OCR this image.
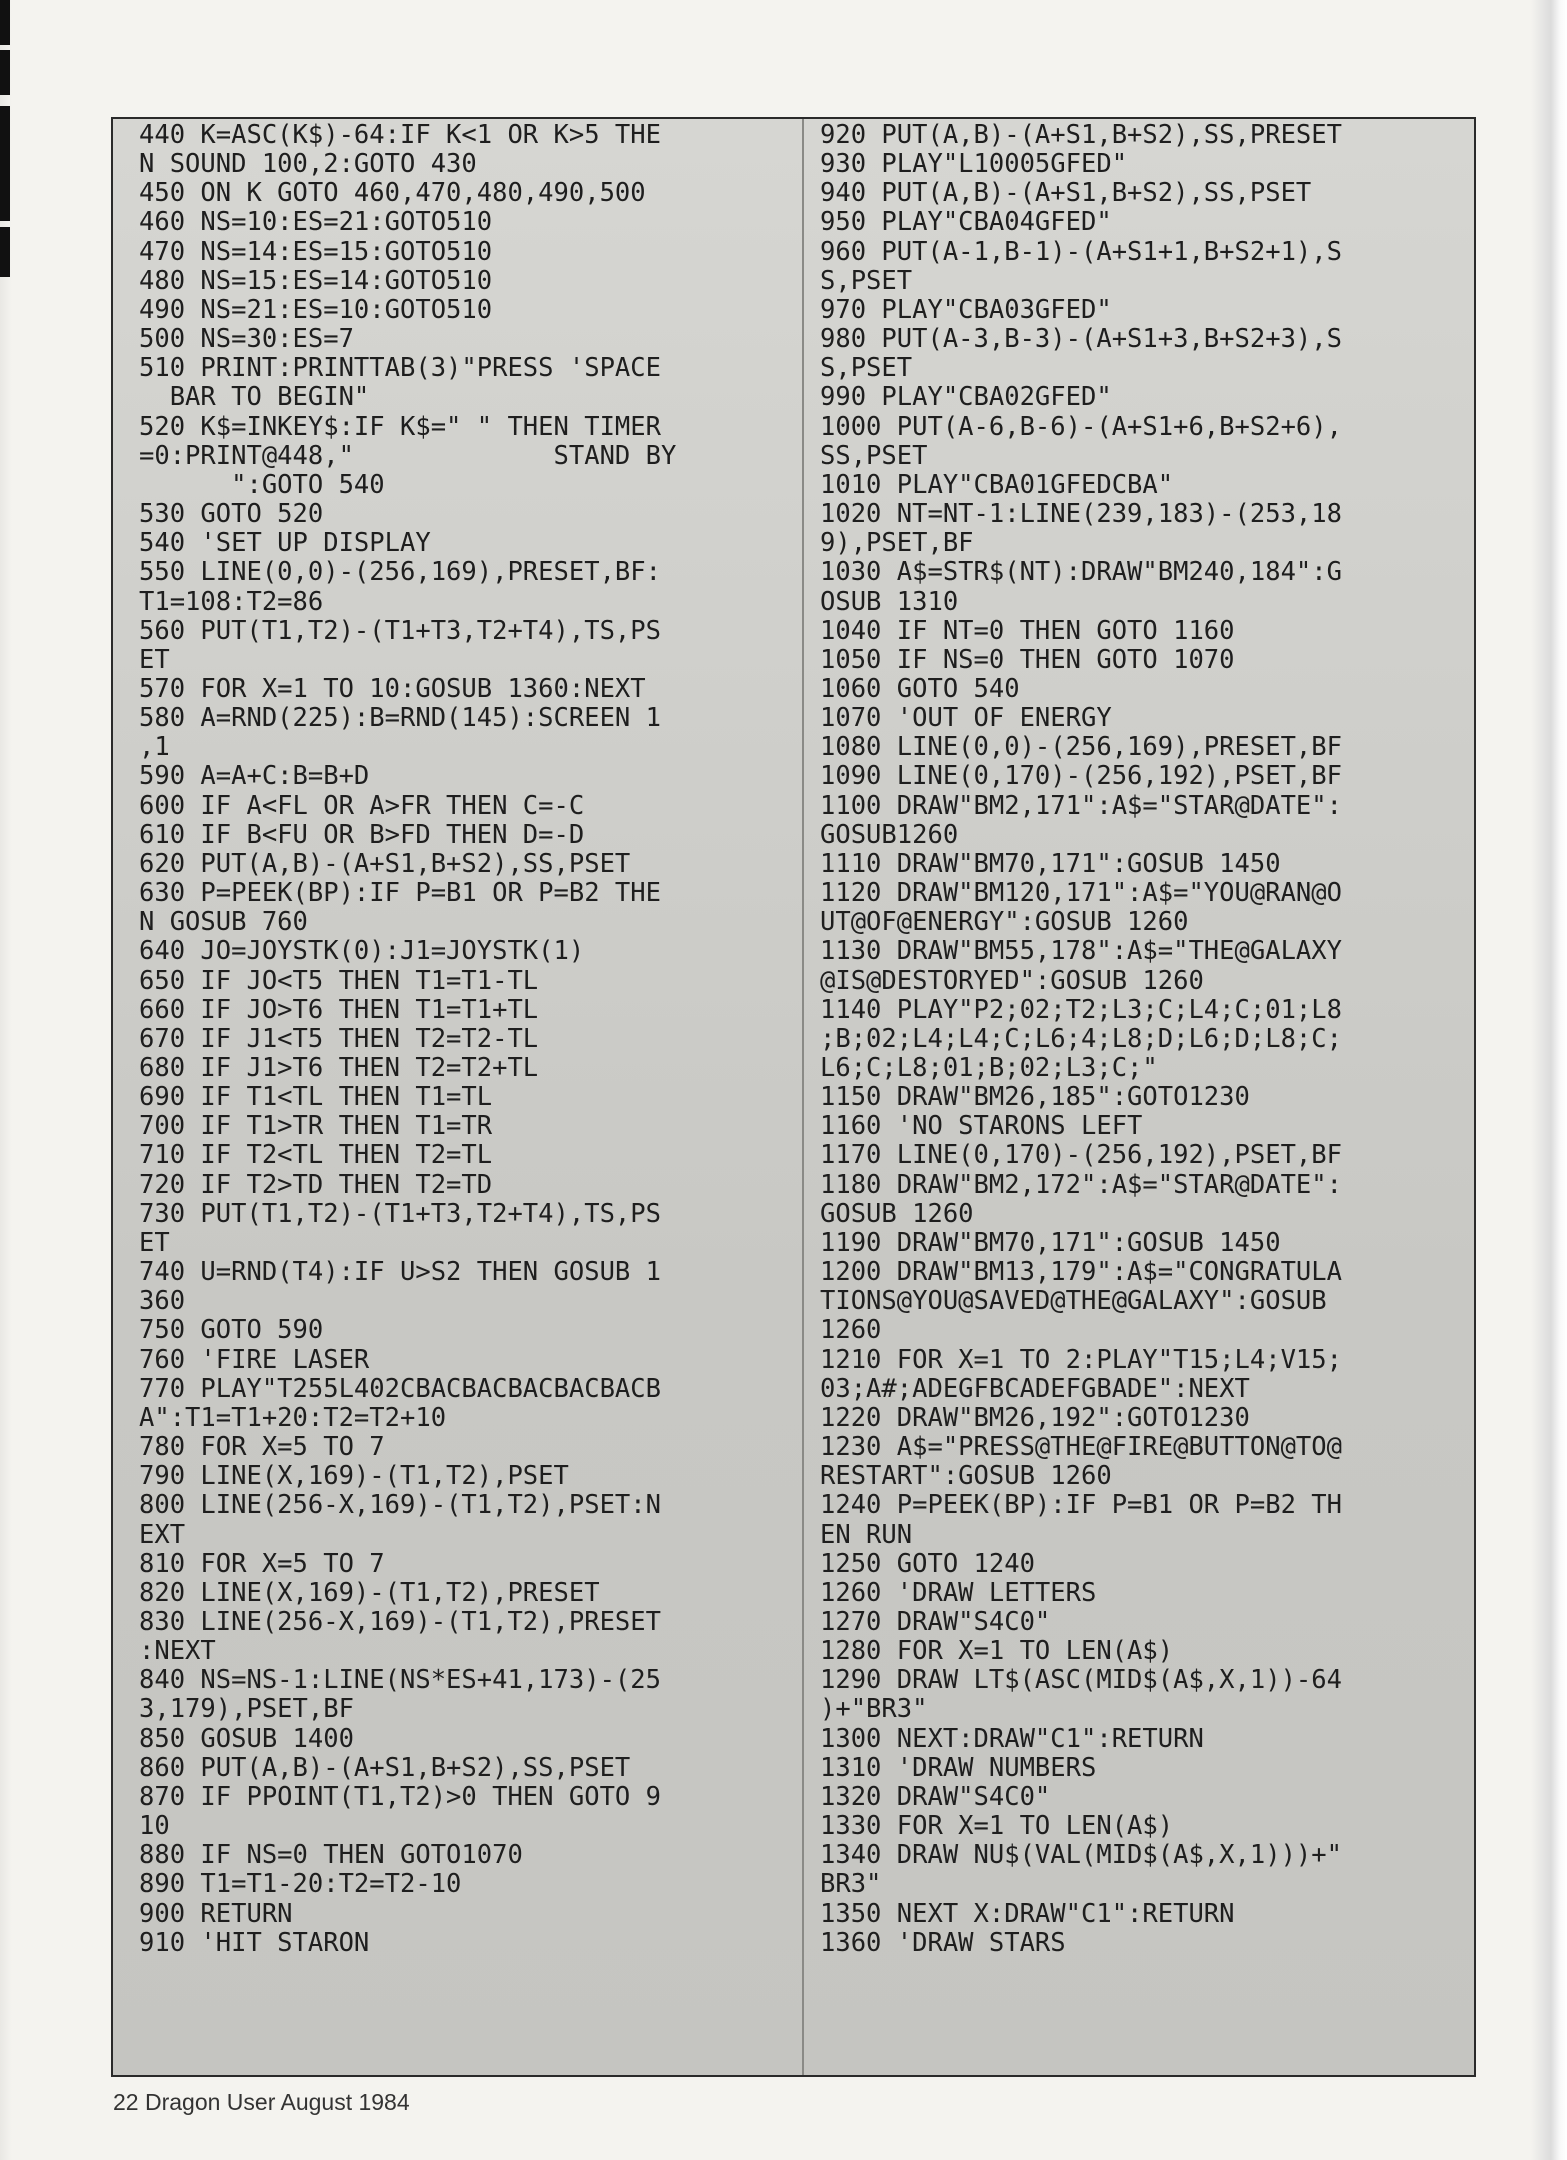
440 K=ASC(K$)-64:IF K<1 OR K>5 THE
N SOUND 100,2:GOTO 430
450 ON K GOTO 460,470,480,490,500
460 NS=10:ES=21:GOTO510
470 NS=14:ES=15:GOTO510
480 NS=15:ES=14:GOTO510
490 NS=21:ES=10:GOTO510
500 NS=30:ES=7
510 PRINT:PRINTTAB(3)"PRESS 'SPACE
BAR TO BEGIN"
520 K$=INKEY$:IF K$=" " THEN TIMER
=0:PRINT@448,"             STAND BY
":GOTO 540
530 GOTO 520
540 'SET UP DISPLAY
550 LINE(0,0)-(256,169),PRESET,BF:
T1=108:T2=86
560 PUT(T1,T2)-(T1+T3,T2+T4),TS,PS
ET
570 FOR X=1 TO 10:GOSUB 1360:NEXT
580 A=RND(225):B=RND(145):SCREEN 1
,1
590 A=A+C:B=B+D
600 IF A<FL OR A>FR THEN C=-C
610 IF B<FU OR B>FD THEN D=-D
620 PUT(A,B)-(A+S1,B+S2),SS,PSET
630 P=PEEK(BP):IF P=B1 OR P=B2 THE
N GOSUB 760
640 JO=JOYSTK(0):J1=JOYSTK(1)
650 IF JO<T5 THEN T1=T1-TL
660 IF JO>T6 THEN T1=T1+TL
670 IF J1<T5 THEN T2=T2-TL
680 IF J1>T6 THEN T2=T2+TL
690 IF T1<TL THEN T1=TL
700 IF T1>TR THEN T1=TR
710 IF T2<TL THEN T2=TL
720 IF T2>TD THEN T2=TD
730 PUT(T1,T2)-(T1+T3,T2+T4),TS,PS
ET
740 U=RND(T4):IF U>S2 THEN GOSUB 1
360
750 GOTO 590
760 'FIRE LASER
770 PLAY"T255L402CBACBACBACBACBACB
A":T1=T1+20:T2=T2+10
780 FOR X=5 TO 7
790 LINE(X,169)-(T1,T2),PSET
800 LINE(256-X,169)-(T1,T2),PSET:N
EXT
810 FOR X=5 TO 7
820 LINE(X,169)-(T1,T2),PRESET
830 LINE(256-X,169)-(T1,T2),PRESET
:NEXT
840 NS=NS-1:LINE(NS*ES+41,173)-(25
3,179),PSET,BF
850 GOSUB 1400
860 PUT(A,B)-(A+S1,B+S2),SS,PSET
870 IF PPOINT(T1,T2)>0 THEN GOTO 9
10
880 IF NS=0 THEN GOTO1070
890 T1=T1-20:T2=T2-10
900 RETURN
910 'HIT STARON
920 PUT(A,B)-(A+S1,B+S2),SS,PRESET
930 PLAY"L10005GFED"
940 PUT(A,B)-(A+S1,B+S2),SS,PSET
950 PLAY"CBA04GFED"
960 PUT(A-1,B-1)-(A+S1+1,B+S2+1),S
S,PSET
970 PLAY"CBA03GFED"
980 PUT(A-3,B-3)-(A+S1+3,B+S2+3),S
S,PSET
990 PLAY"CBA02GFED"
1000 PUT(A-6,B-6)-(A+S1+6,B+S2+6),
SS,PSET
1010 PLAY"CBA01GFEDCBA"
1020 NT=NT-1:LINE(239,183)-(253,18
9),PSET,BF
1030 A$=STR$(NT):DRAW"BM240,184":G
OSUB 1310
1040 IF NT=0 THEN GOTO 1160
1050 IF NS=0 THEN GOTO 1070
1060 GOTO 540
1070 'OUT OF ENERGY
1080 LINE(0,0)-(256,169),PRESET,BF
1090 LINE(0,170)-(256,192),PSET,BF
1100 DRAW"BM2,171":A$="STAR@DATE":
GOSUB1260
1110 DRAW"BM70,171":GOSUB 1450
1120 DRAW"BM120,171":A$="YOU@RAN@O
UT@OF@ENERGY":GOSUB 1260
1130 DRAW"BM55,178":A$="THE@GALAXY
@IS@DESTORYED":GOSUB 1260
1140 PLAY"P2;02;T2;L3;C;L4;C;01;L8
;B;02;L4;L4;C;L6;4;L8;D;L6;D;L8;C;
L6;C;L8;01;B;02;L3;C;"
1150 DRAW"BM26,185":GOTO1230
1160 'NO STARONS LEFT
1170 LINE(0,170)-(256,192),PSET,BF
1180 DRAW"BM2,172":A$="STAR@DATE":
GOSUB 1260
1190 DRAW"BM70,171":GOSUB 1450
1200 DRAW"BM13,179":A$="CONGRATULA
TIONS@YOU@SAVED@THE@GALAXY":GOSUB
1260
1210 FOR X=1 TO 2:PLAY"T15;L4;V15;
03;A#;ADEGFBCADEFGBADE":NEXT
1220 DRAW"BM26,192":GOTO1230
1230 A$="PRESS@THE@FIRE@BUTTON@TO@
RESTART":GOSUB 1260
1240 P=PEEK(BP):IF P=B1 OR P=B2 TH
EN RUN
1250 GOTO 1240
1260 'DRAW LETTERS
1270 DRAW"S4C0"
1280 FOR X=1 TO LEN(A$)
1290 DRAW LT$(ASC(MID$(A$,X,1))-64
)+"BR3"
1300 NEXT:DRAW"C1":RETURN
1310 'DRAW NUMBERS
1320 DRAW"S4C0"
1330 FOR X=1 TO LEN(A$)
1340 DRAW NU$(VAL(MID$(A$,X,1)))+"
BR3"
1350 NEXT X:DRAW"C1":RETURN
1360 'DRAW STARS
22 Dragon User August 1984
